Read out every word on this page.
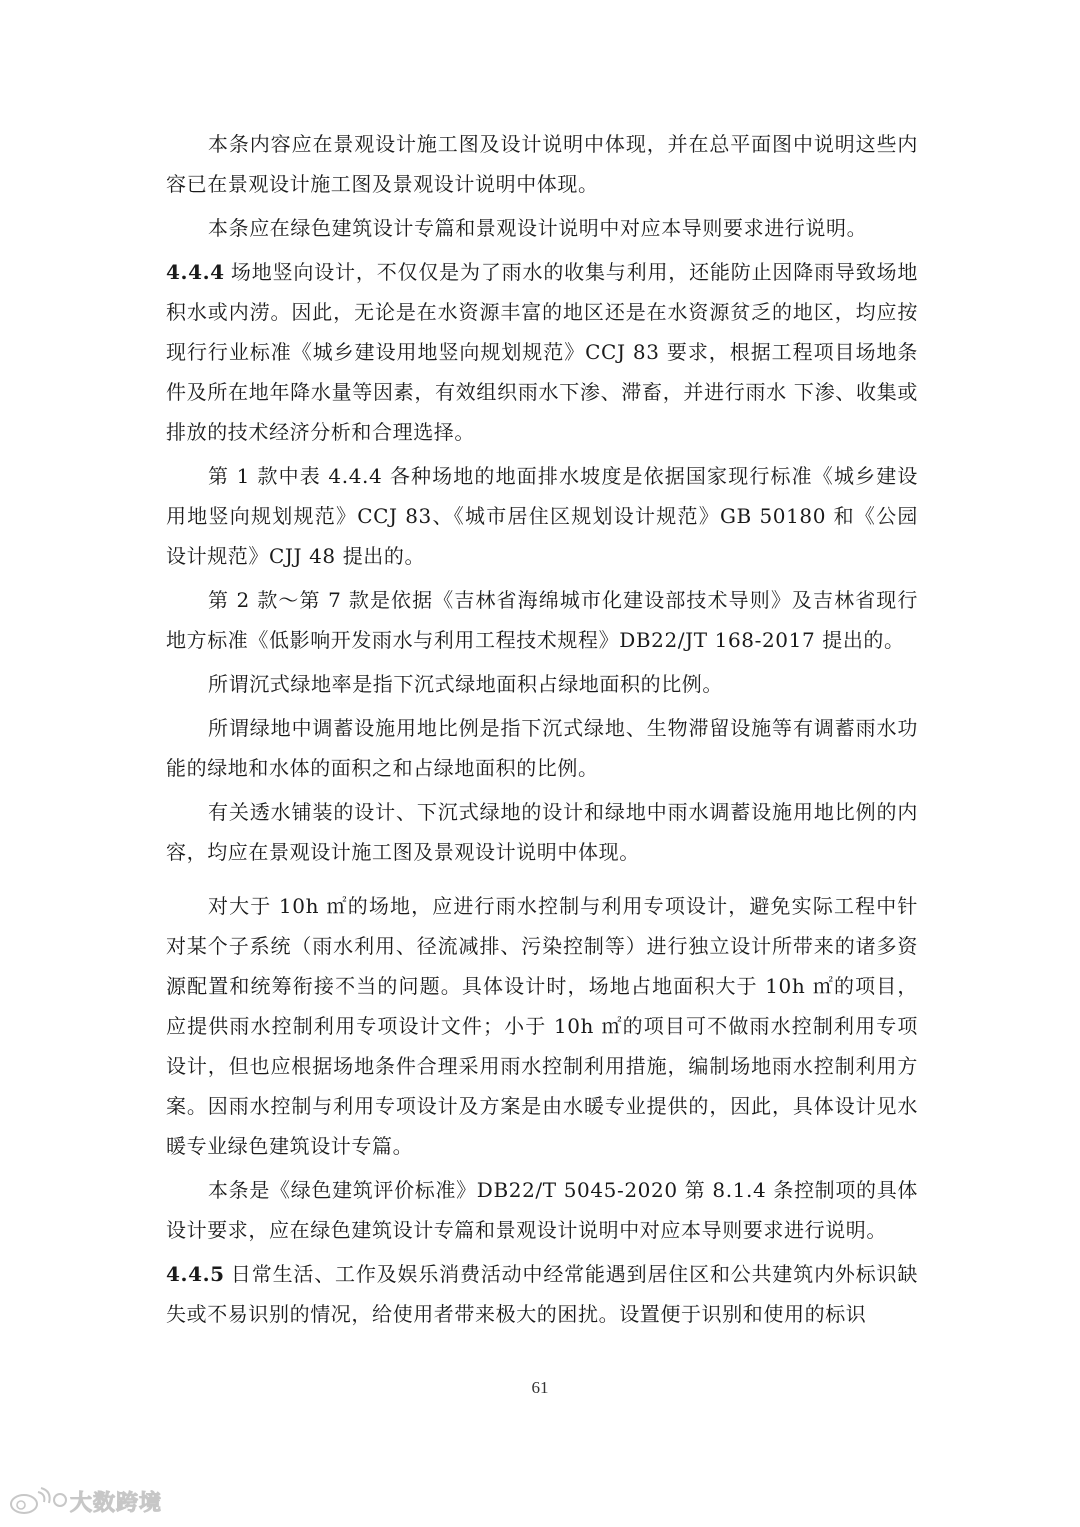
本条内容应在景观设计施工图及设计说明中体现，并在总平面图中说明这些内容已在景观设计施工图及景观设计说明中体现。

本条应在绿色建筑设计专篇和景观设计说明中对应本导则要求进行说明。

4.4.4 场地竖向设计，不仅仅是为了雨水的收集与利用，还能防止因降雨导致场地积水或内涝。因此，无论是在水资源丰富的地区还是在水资源贫乏的地区，均应按现行行业标准《城乡建设用地竖向规划规范》CCJ 83 要求，根据工程项目场地条件及所在地年降水量等因素，有效组织雨水下渗、滞畜，并进行雨水 下渗、收集或排放的技术经济分析和合理选择。

第 1 款中表 4.4.4 各种场地的地面排水坡度是依据国家现行标准《城乡建设用地竖向规划规范》CCJ 83、《城市居住区规划设计规范》GB 50180 和《公园设计规范》CJJ 48 提出的。

第 2 款～第 7 款是依据《吉林省海绵城市化建设部技术导则》及吉林省现行地方标准《低影响开发雨水与利用工程技术规程》DB22/JT 168-2017 提出的。

所谓沉式绿地率是指下沉式绿地面积占绿地面积的比例。

所谓绿地中调蓄设施用地比例是指下沉式绿地、生物滞留设施等有调蓄雨水功能的绿地和水体的面积之和占绿地面积的比例。

有关透水铺装的设计、下沉式绿地的设计和绿地中雨水调蓄设施用地比例的内容，均应在景观设计施工图及景观设计说明中体现。

对大于 10h ㎡的场地，应进行雨水控制与利用专项设计，避免实际工程中针对某个子系统（雨水利用、径流减排、污染控制等）进行独立设计所带来的诸多资源配置和统筹衔接不当的问题。具体设计时，场地占地面积大于 10h ㎡的项目，应提供雨水控制利用专项设计文件；小于 10h ㎡的项目可不做雨水控制利用专项设计，但也应根据场地条件合理采用雨水控制利用措施，编制场地雨水控制利用方案。因雨水控制与利用专项设计及方案是由水暖专业提供的，因此，具体设计见水暖专业绿色建筑设计专篇。

本条是《绿色建筑评价标准》DB22/T 5045-2020 第 8.1.4 条控制项的具体设计要求，应在绿色建筑设计专篇和景观设计说明中对应本导则要求进行说明。

4.4.5 日常生活、工作及娱乐消费活动中经常能遇到居住区和公共建筑内外标识缺失或不易识别的情况，给使用者带来极大的困扰。设置便于识别和使用的标识

61
大数跨境
